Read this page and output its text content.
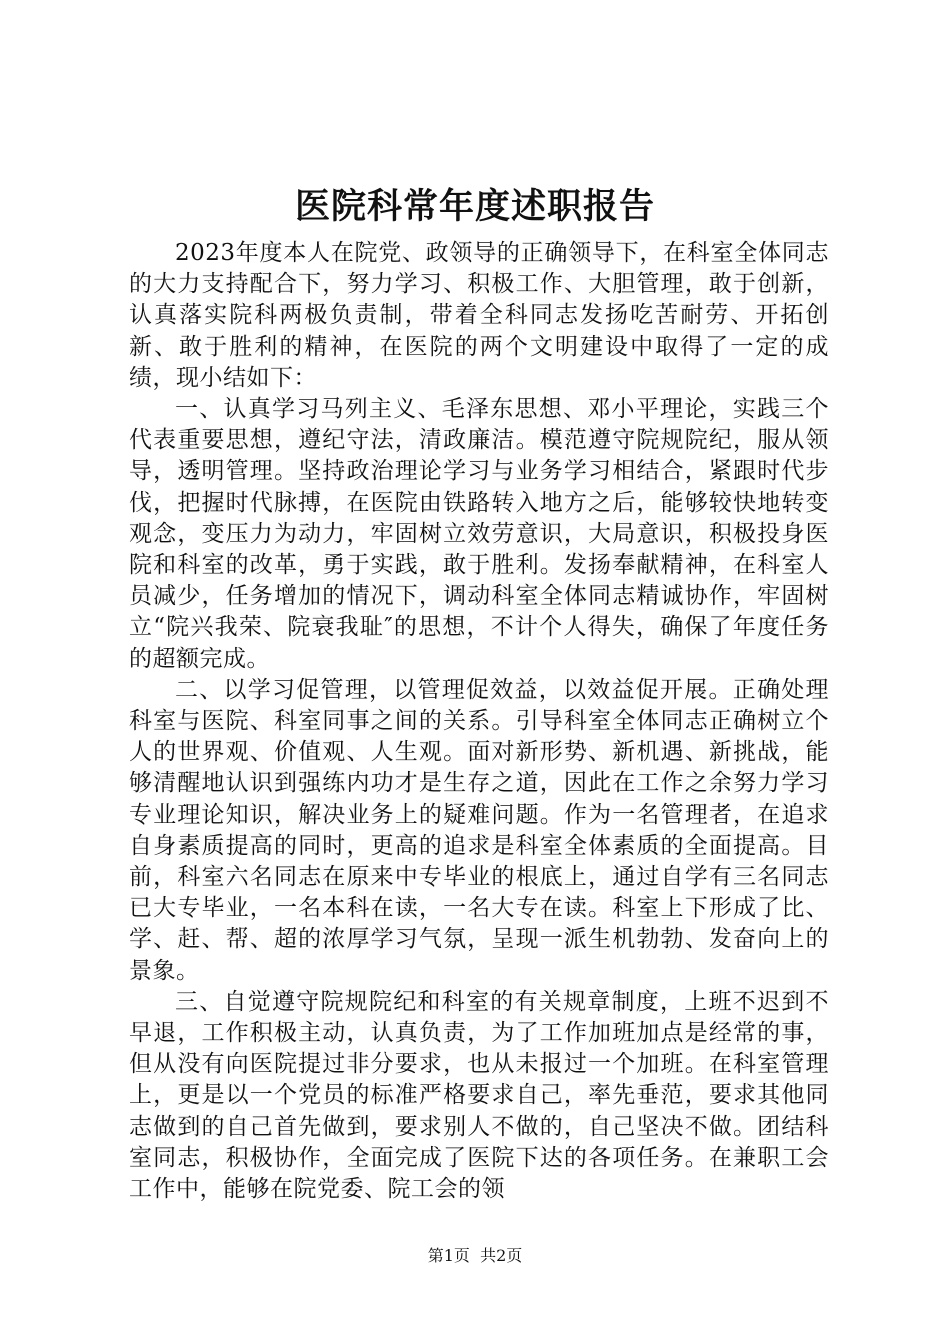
医院科常年度述职报告

2023年度本人在院党、政领导的正确领导下，在科室全体同志的大力支持配合下，努力学习、积极工作、大胆管理，敢于创新，认真落实院科两极负责制，带着全科同志发扬吃苦耐劳、开拓创新、敢于胜利的精神，在医院的两个文明建设中取得了一定的成绩，现小结如下：

一、认真学习马列主义、毛泽东思想、邓小平理论，实践三个代表重要思想，遵纪守法，清政廉洁。模范遵守院规院纪，服从领导，透明管理。坚持政治理论学习与业务学习相结合，紧跟时代步伐，把握时代脉搏，在医院由铁路转入地方之后，能够较快地转变观念，变压力为动力，牢固树立效劳意识，大局意识，积极投身医院和科室的改革，勇于实践，敢于胜利。发扬奉献精神，在科室人员减少，任务增加的情况下，调动科室全体同志精诚协作，牢固树立“院兴我荣、院衰我耻″的思想，不计个人得失，确保了年度任务的超额完成。

二、以学习促管理，以管理促效益，以效益促开展。正确处理科室与医院、科室同事之间的关系。引导科室全体同志正确树立个人的世界观、价值观、人生观。面对新形势、新机遇、新挑战，能够清醒地认识到强练内功才是生存之道，因此在工作之余努力学习专业理论知识，解决业务上的疑难问题。作为一名管理者，在追求自身素质提高的同时，更高的追求是科室全体素质的全面提高。目前，科室六名同志在原来中专毕业的根底上，通过自学有三名同志已大专毕业，一名本科在读，一名大专在读。科室上下形成了比、学、赶、帮、超的浓厚学习气氛，呈现一派生机勃勃、发奋向上的景象。

三、自觉遵守院规院纪和科室的有关规章制度，上班不迟到不早退，工作积极主动，认真负责，为了工作加班加点是经常的事，但从没有向医院提过非分要求，也从未报过一个加班。在科室管理上，更是以一个党员的标准严格要求自己，率先垂范，要求其他同志做到的自己首先做到，要求别人不做的，自己坚决不做。团结科室同志，积极协作，全面完成了医院下达的各项任务。在兼职工会工作中，能够在院党委、院工会的领

第1页 共2页
